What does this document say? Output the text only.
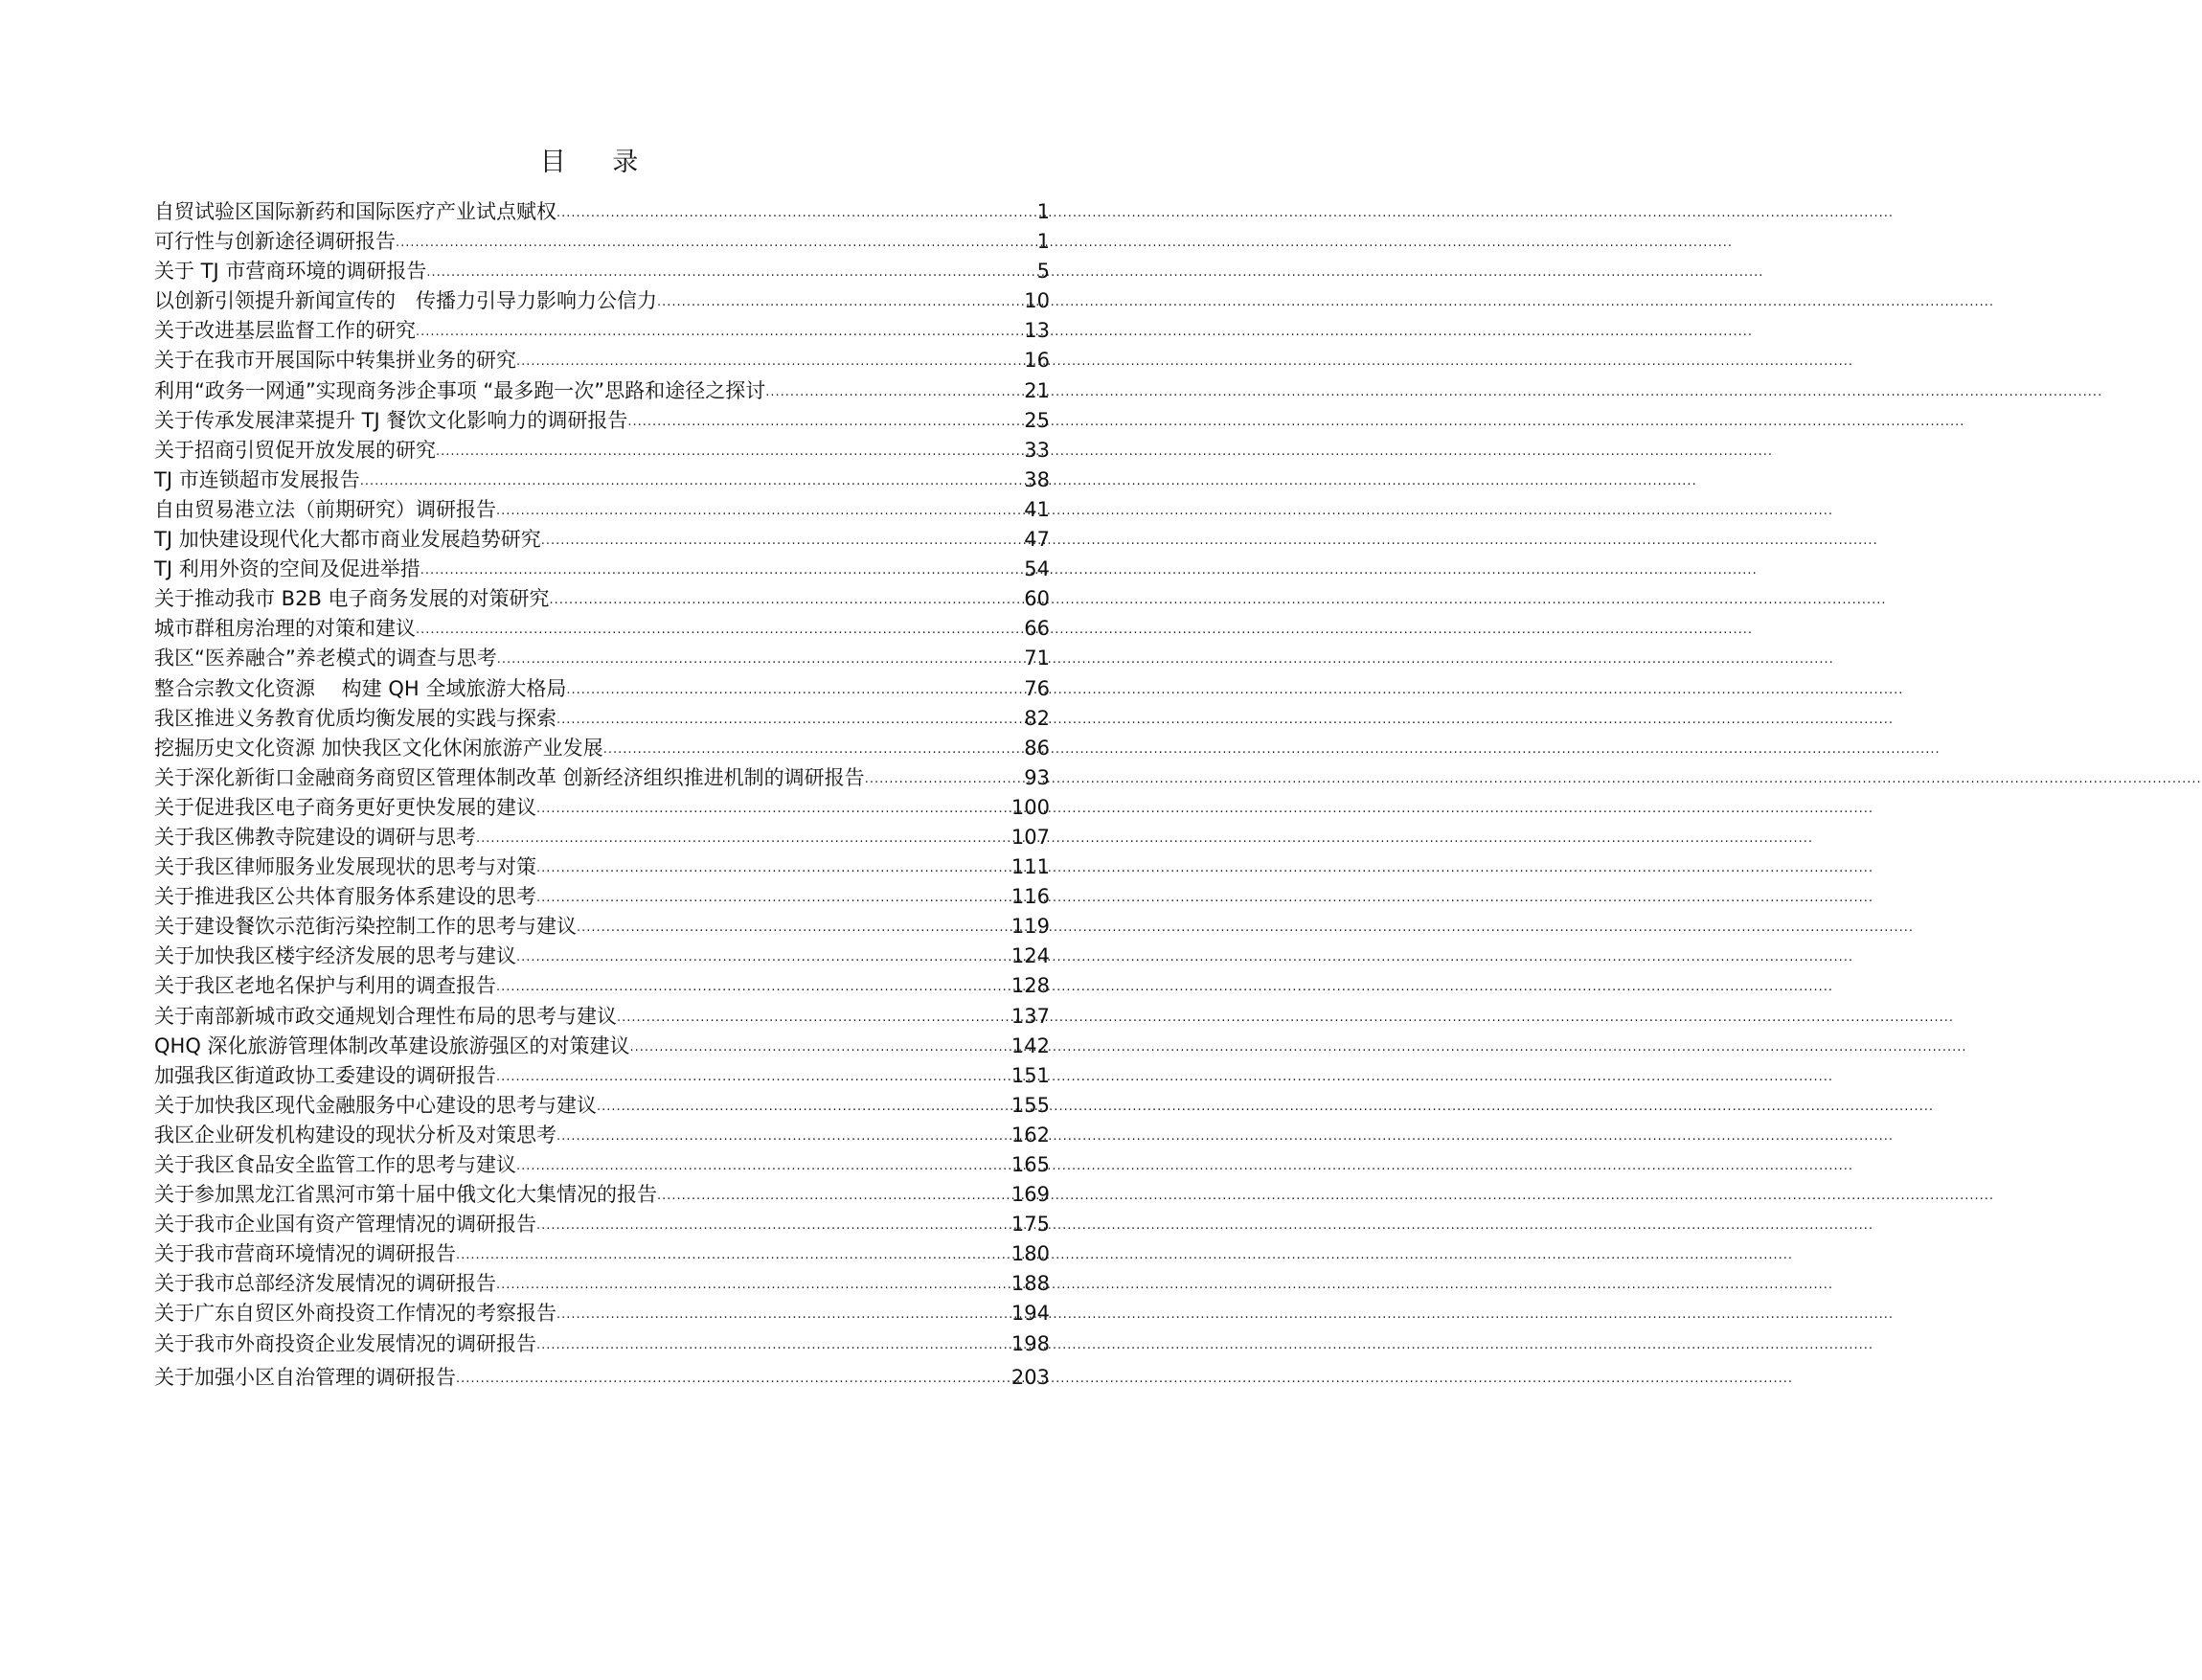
目 录
自贸试验区国际新药和国际医疗产业试点赋权 .....	1
可行性与创新途径调研报告 .....	1
关于 TJ 市营商环境的调研报告 .....	5
以创新引领提升新闻宣传的　传播力引导力影响力公信力 .....	10
关于改进基层监督工作的研究 .....	13
关于在我市开展国际中转集拼业务的研究 .....	16
利用“政务一网通”实现商务涉企事项 “最多跑一次”思路和途径之探讨 .....	21
关于传承发展津菜提升 TJ 餐饮文化影响力的调研报告 .....	25
关于招商引贸促开放发展的研究 .....	33
TJ 市连锁超市发展报告 .....	38
自由贸易港立法（前期研究）调研报告 .....	41
TJ 加快建设现代化大都市商业发展趋势研究 .....	47
TJ 利用外资的空间及促进举措 .....	54
关于推动我市 B2B 电子商务发展的对策研究 .....	60
城市群租房治理的对策和建议 .....	66
我区“医养融合”养老模式的调查与思考 .....	71
整合宗教文化资源　 构建 QH 全域旅游大格局 .....	76
我区推进义务教育优质均衡发展的实践与探索 .....	82
挖掘历史文化资源 加快我区文化休闲旅游产业发展 .....	86
关于深化新街口金融商务商贸区管理体制改革 创新经济组织推进机制的调研报告 .....	93
关于促进我区电子商务更好更快发展的建议 .....	100
关于我区佛教寺院建设的调研与思考 .....	107
关于我区律师服务业发展现状的思考与对策 .....	111
关于推进我区公共体育服务体系建设的思考 .....	116
关于建设餐饮示范街污染控制工作的思考与建议 .....	119
关于加快我区楼宇经济发展的思考与建议 .....	124
关于我区老地名保护与利用的调查报告 .....	128
关于南部新城市政交通规划合理性布局的思考与建议 .....	137
QHQ 深化旅游管理体制改革建设旅游强区的对策建议 .....	142
加强我区街道政协工委建设的调研报告 .....	151
关于加快我区现代金融服务中心建设的思考与建议 .....	155
我区企业研发机构建设的现状分析及对策思考 .....	162
关于我区食品安全监管工作的思考与建议 .....	165
关于参加黑龙江省黑河市第十届中俄文化大集情况的报告 .....	169
关于我市企业国有资产管理情况的调研报告 .....	175
关于我市营商环境情况的调研报告 .....	180
关于我市总部经济发展情况的调研报告 .....	188
关于广东自贸区外商投资工作情况的考察报告 .....	194
关于我市外商投资企业发展情况的调研报告 .....	198
关于加强小区自治管理的调研报告 .....	203
